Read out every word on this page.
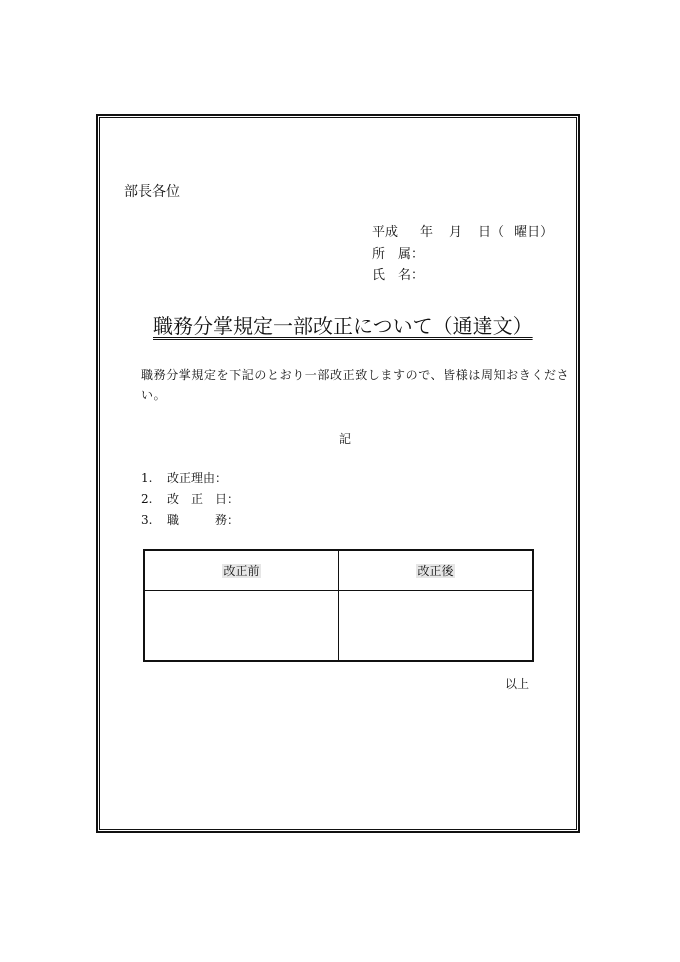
部長各位
平成 年 月 日（ 曜日）
所　属：
氏　名：
職務分掌規定一部改正について（通達文）
職務分掌規定を下記のとおり一部改正致しますので、皆様は周知おきください。
記
1. 改正理由：
2. 改　正　日：
3. 職　　　務：
改正前	改正後

以上
